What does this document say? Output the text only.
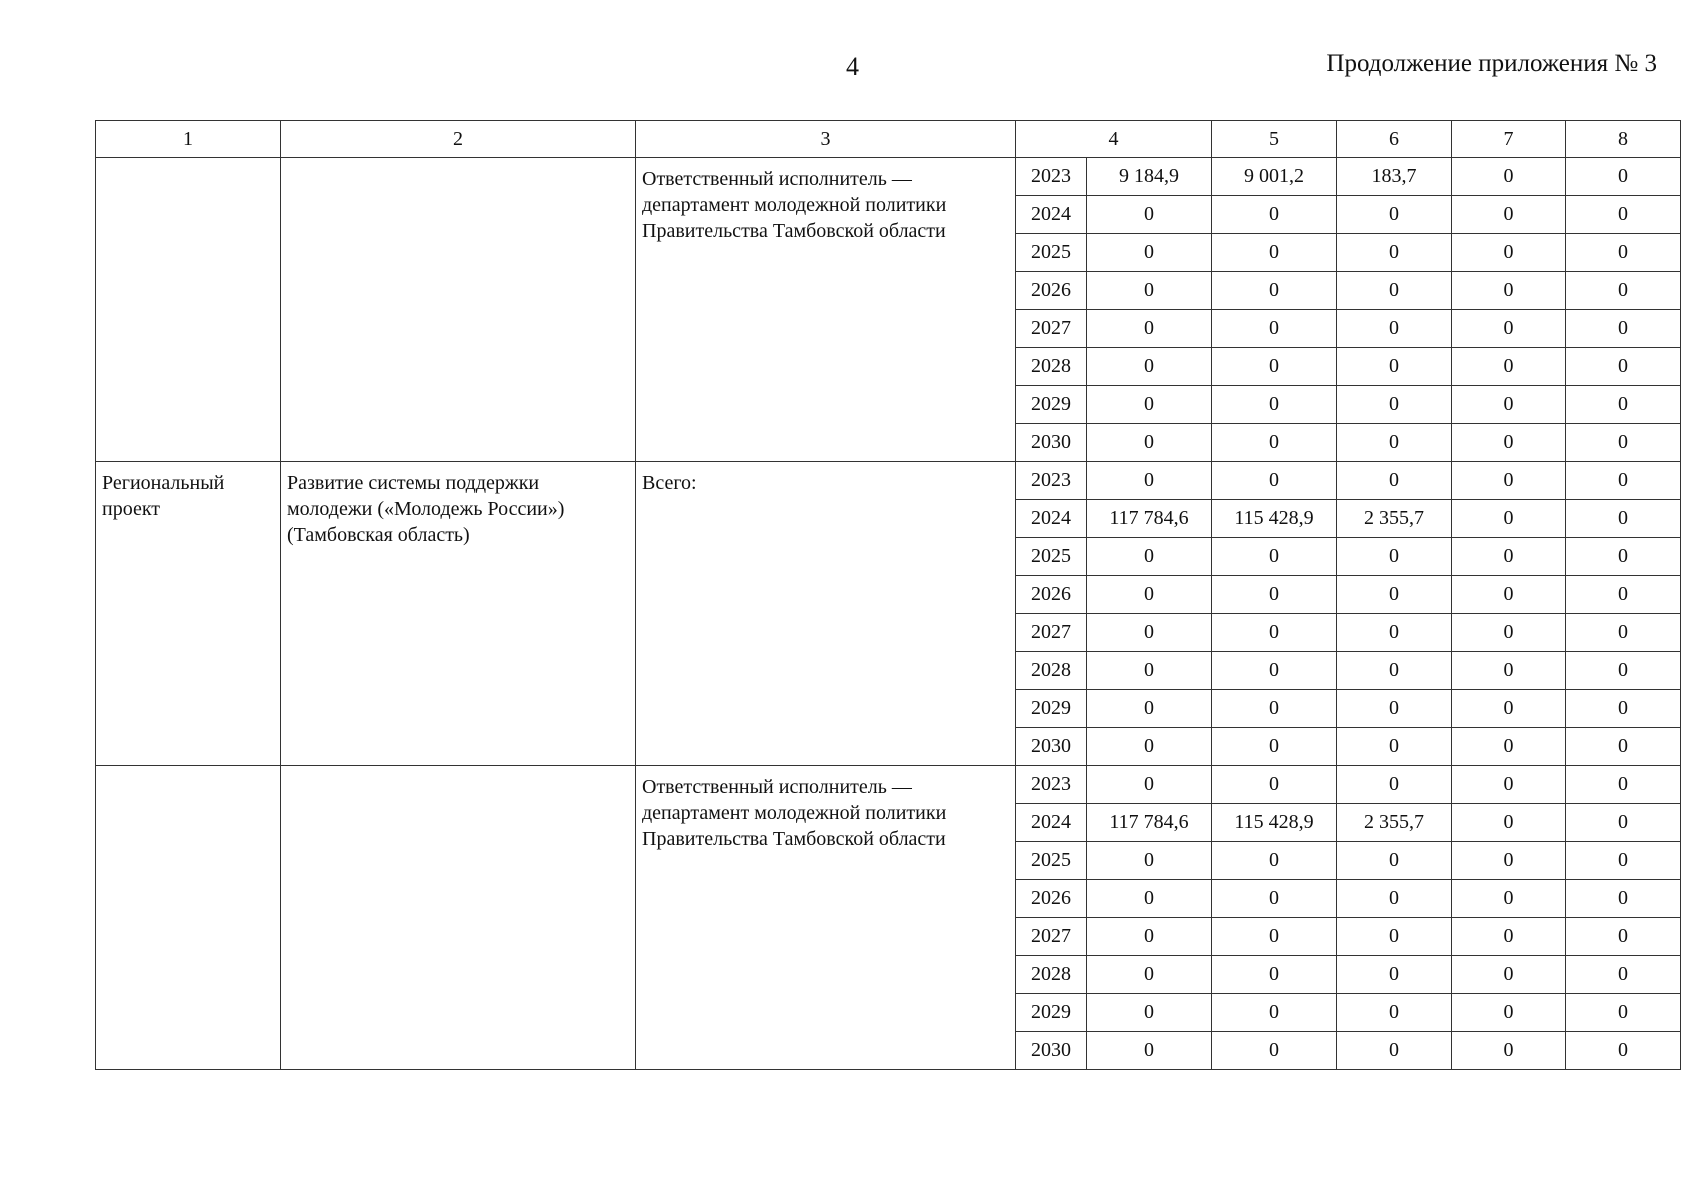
4	Продолжение приложения № 3
1	2	3	4		5	6	7	8

		Ответственный исполнитель —
департамент молодежной политики
Правительства Тамбовской области	2023	9 184,9	9 001,2	183,7	0	0
			2024	0	0	0	0	0
			2025	0	0	0	0	0
			2026	0	0	0	0	0
			2027	0	0	0	0	0
			2028	0	0	0	0	0
			2029	0	0	0	0	0
			2030	0	0	0	0	0

Региональный
проект	Развитие системы поддержки
молодежи («Молодежь России»)
(Тамбовская область)	Всего:	2023	0	0	0	0	0
			2024	117 784,6	115 428,9	2 355,7	0	0
			2025	0	0	0	0	0
			2026	0	0	0	0	0
			2027	0	0	0	0	0
			2028	0	0	0	0	0
			2029	0	0	0	0	0
			2030	0	0	0	0	0

		Ответственный исполнитель —
департамент молодежной политики
Правительства Тамбовской области	2023	0	0	0	0	0
			2024	117 784,6	115 428,9	2 355,7	0	0
			2025	0	0	0	0	0
			2026	0	0	0	0	0
			2027	0	0	0	0	0
			2028	0	0	0	0	0
			2029	0	0	0	0	0
			2030	0	0	0	0	0
